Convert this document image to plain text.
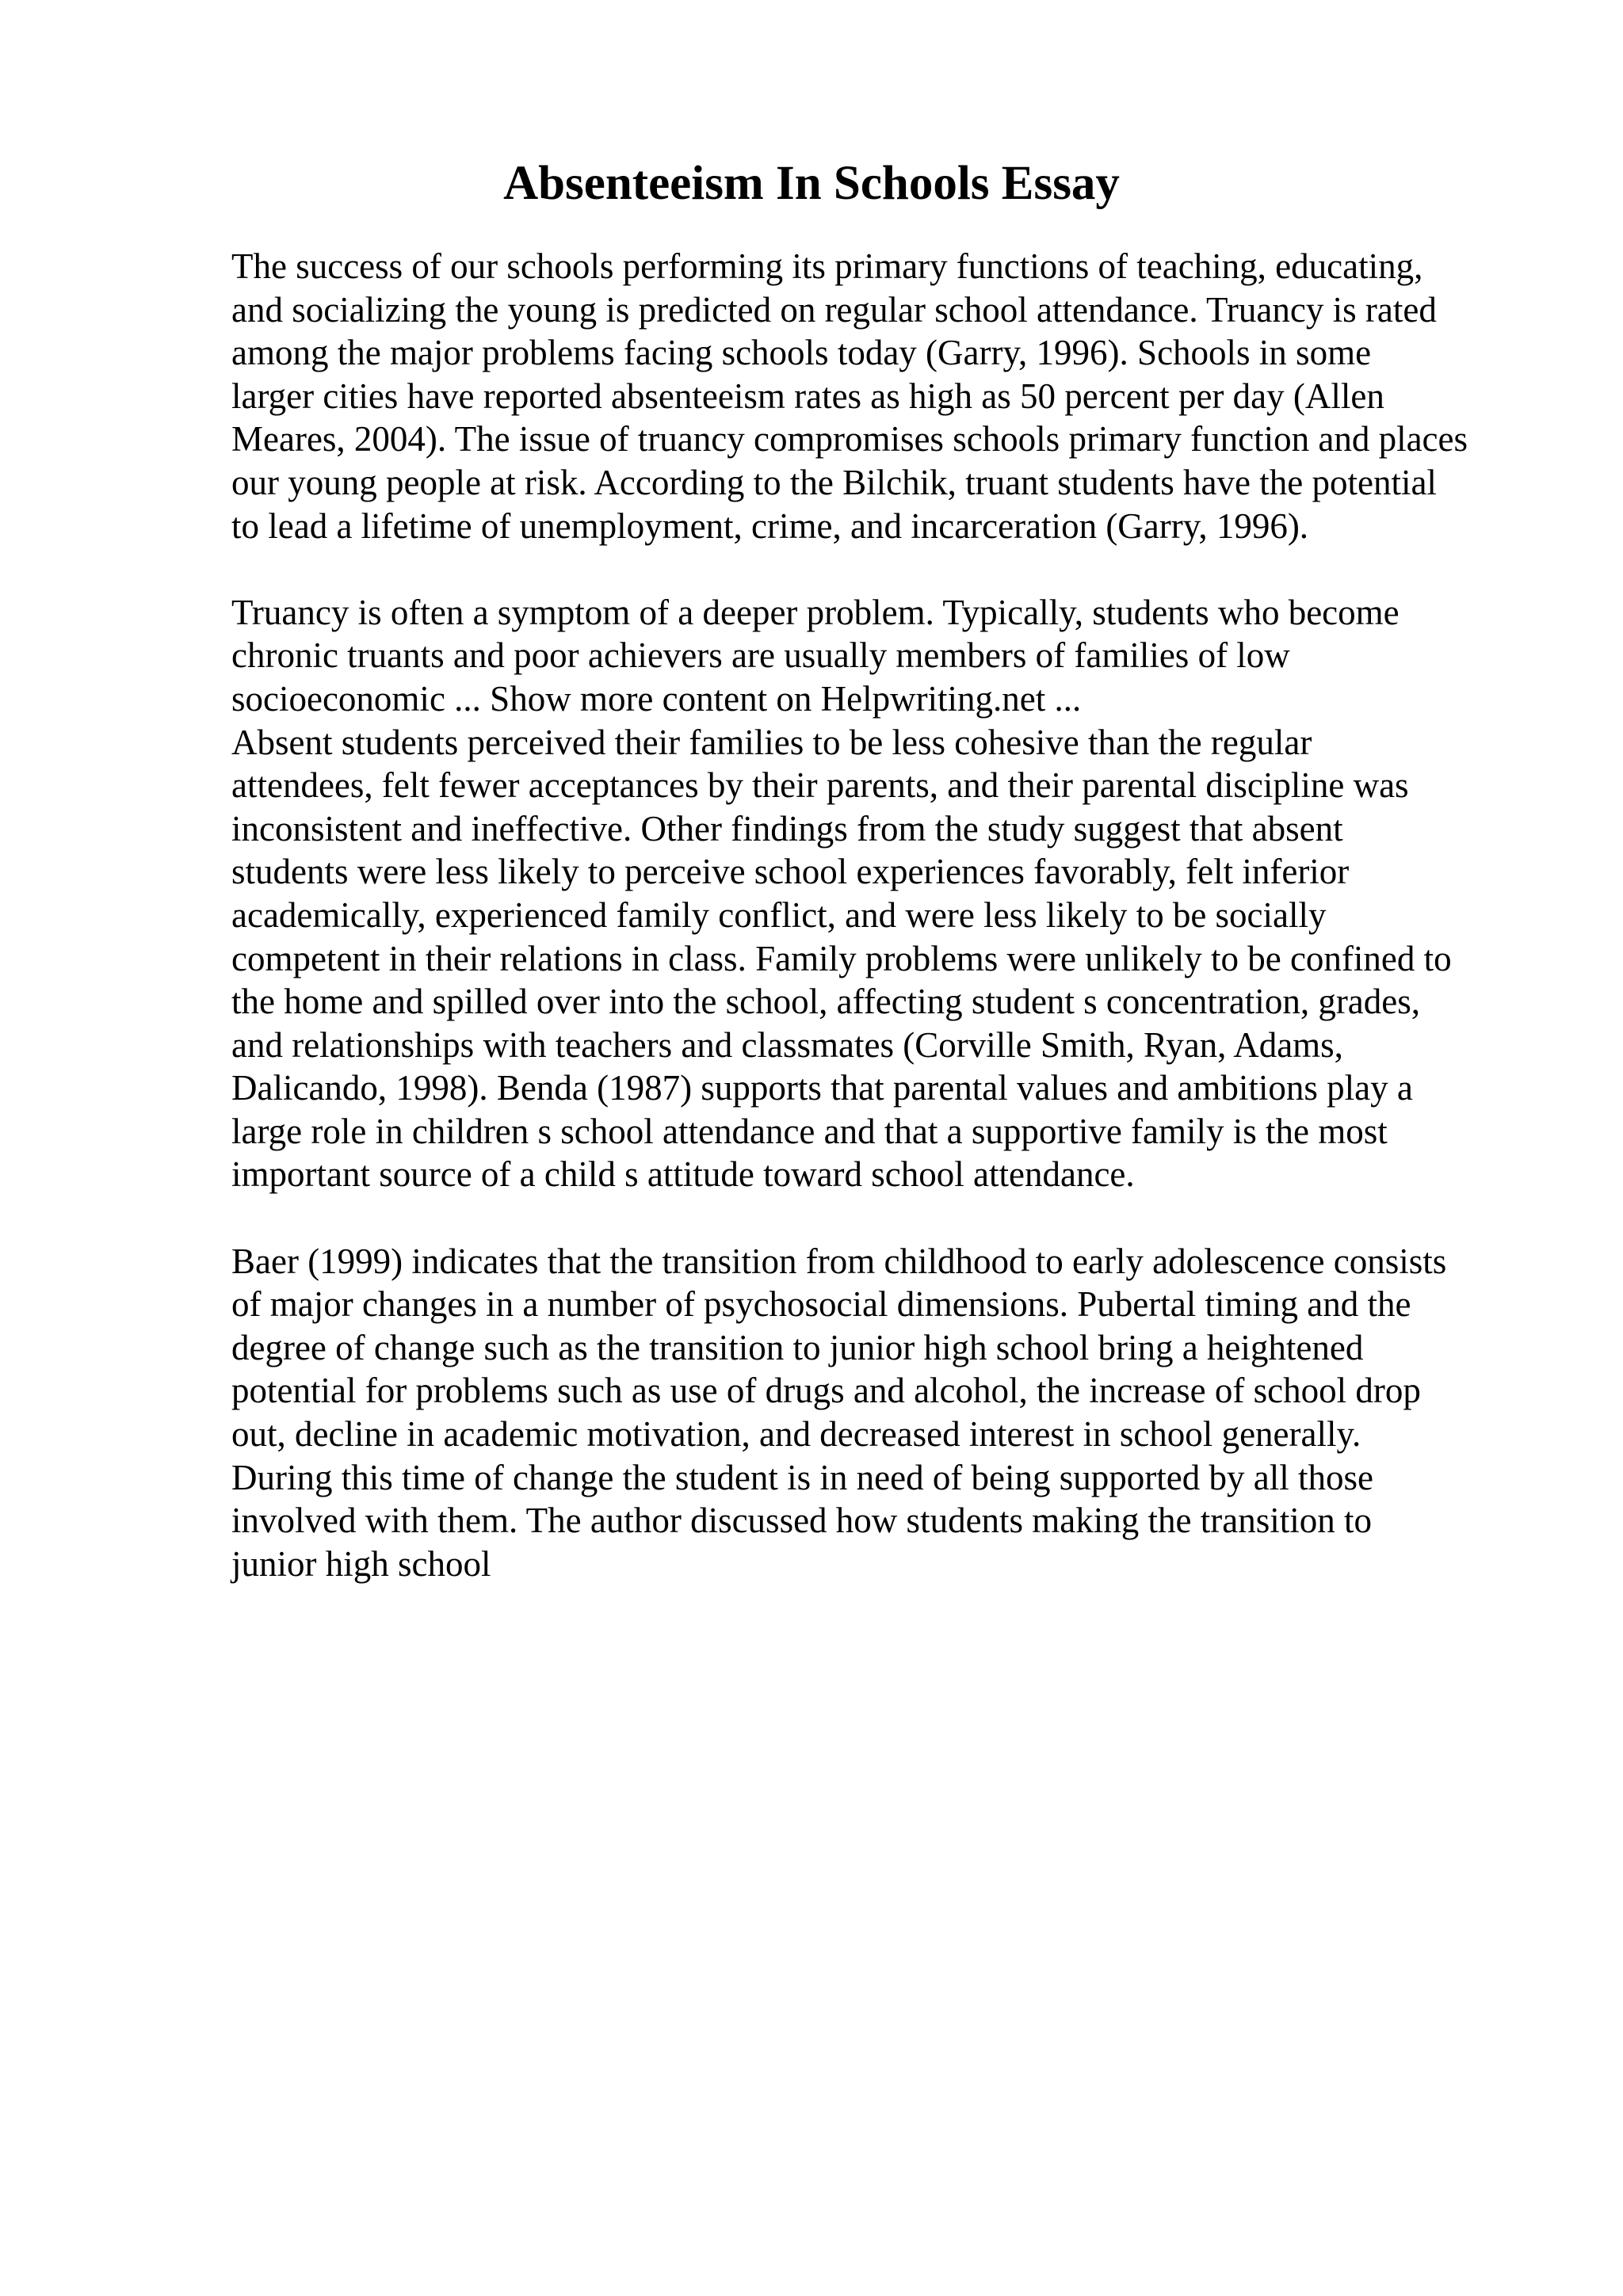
Absenteeism In Schools Essay
The success of our schools performing its primary functions of teaching, educating,
and socializing the young is predicted on regular school attendance. Truancy is rated
among the major problems facing schools today (Garry, 1996). Schools in some
larger cities have reported absenteeism rates as high as 50 percent per day (Allen
Meares, 2004). The issue of truancy compromises schools primary function and places
our young people at risk. According to the Bilchik, truant students have the potential
to lead a lifetime of unemployment, crime, and incarceration (Garry, 1996).
Truancy is often a symptom of a deeper problem. Typically, students who become
chronic truants and poor achievers are usually members of families of low
socioeconomic ... Show more content on Helpwriting.net ...
Absent students perceived their families to be less cohesive than the regular
attendees, felt fewer acceptances by their parents, and their parental discipline was
inconsistent and ineffective. Other findings from the study suggest that absent
students were less likely to perceive school experiences favorably, felt inferior
academically, experienced family conflict, and were less likely to be socially
competent in their relations in class. Family problems were unlikely to be confined to
the home and spilled over into the school, affecting student s concentration, grades,
and relationships with teachers and classmates (Corville Smith, Ryan, Adams,
Dalicando, 1998). Benda (1987) supports that parental values and ambitions play a
large role in children s school attendance and that a supportive family is the most
important source of a child s attitude toward school attendance.
Baer (1999) indicates that the transition from childhood to early adolescence consists
of major changes in a number of psychosocial dimensions. Pubertal timing and the
degree of change such as the transition to junior high school bring a heightened
potential for problems such as use of drugs and alcohol, the increase of school drop
out, decline in academic motivation, and decreased interest in school generally.
During this time of change the student is in need of being supported by all those
involved with them. The author discussed how students making the transition to
junior high school
